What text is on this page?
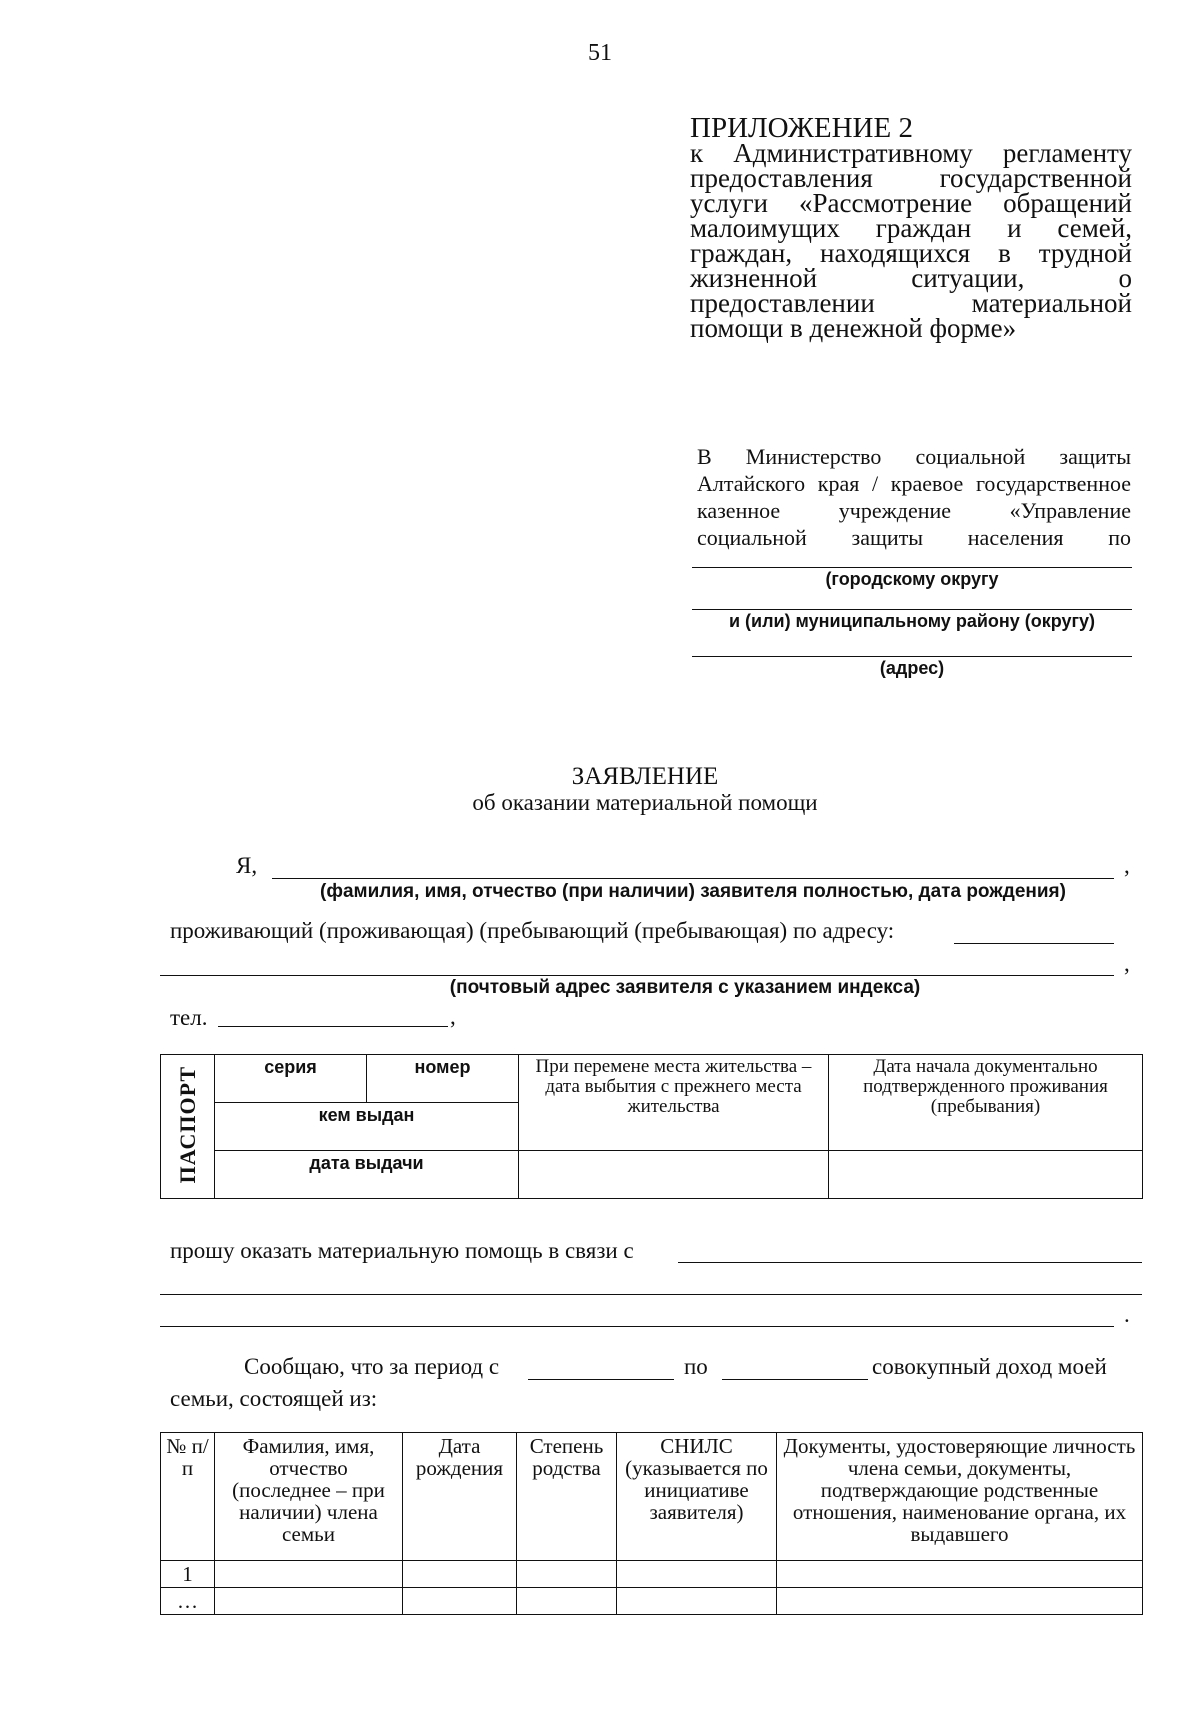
51
ПРИЛОЖЕНИЕ 2
к Административному регламенту предоставления государственной услуги «Рассмотрение обращений малоимущих граждан и семей, граждан, находящихся в трудной жизненной ситуации, о предоставлении материальной помощи в денежной форме»
В Министерство социальной защиты Алтайского края / краевое государственное казенное учреждение «Управление социальной защиты населения по
(городскому округу
и (или) муниципальному району (округу)
(адрес)
ЗАЯВЛЕНИЕ
об оказании материальной помощи
Я,	,
(фамилия, имя, отчество (при наличии) заявителя полностью, дата рождения)
проживающий (проживающая) (пребывающий (пребывающая) по адресу:
,
(почтовый адрес заявителя с указанием индекса)
тел.	,
ПАСПОРТ	серия	номер	При перемене места жительства – дата выбытия с прежнего места жительства	Дата начала документально подтвержденного проживания (пребывания)
	кем выдан			
	дата выдачи			
прошу оказать материальную помощь в связи с
.
Сообщаю, что за период с	по	совокупный доход моей
семьи, состоящей из:
№ п/п	Фамилия, имя, отчество (последнее – при наличии) члена семьи	Дата рождения	Степень родства	СНИЛС (указывается по инициативе заявителя)	Документы, удостоверяющие личность члена семьи, документы, подтверждающие родственные отношения, наименование органа, их выдавшего
1					
…					
